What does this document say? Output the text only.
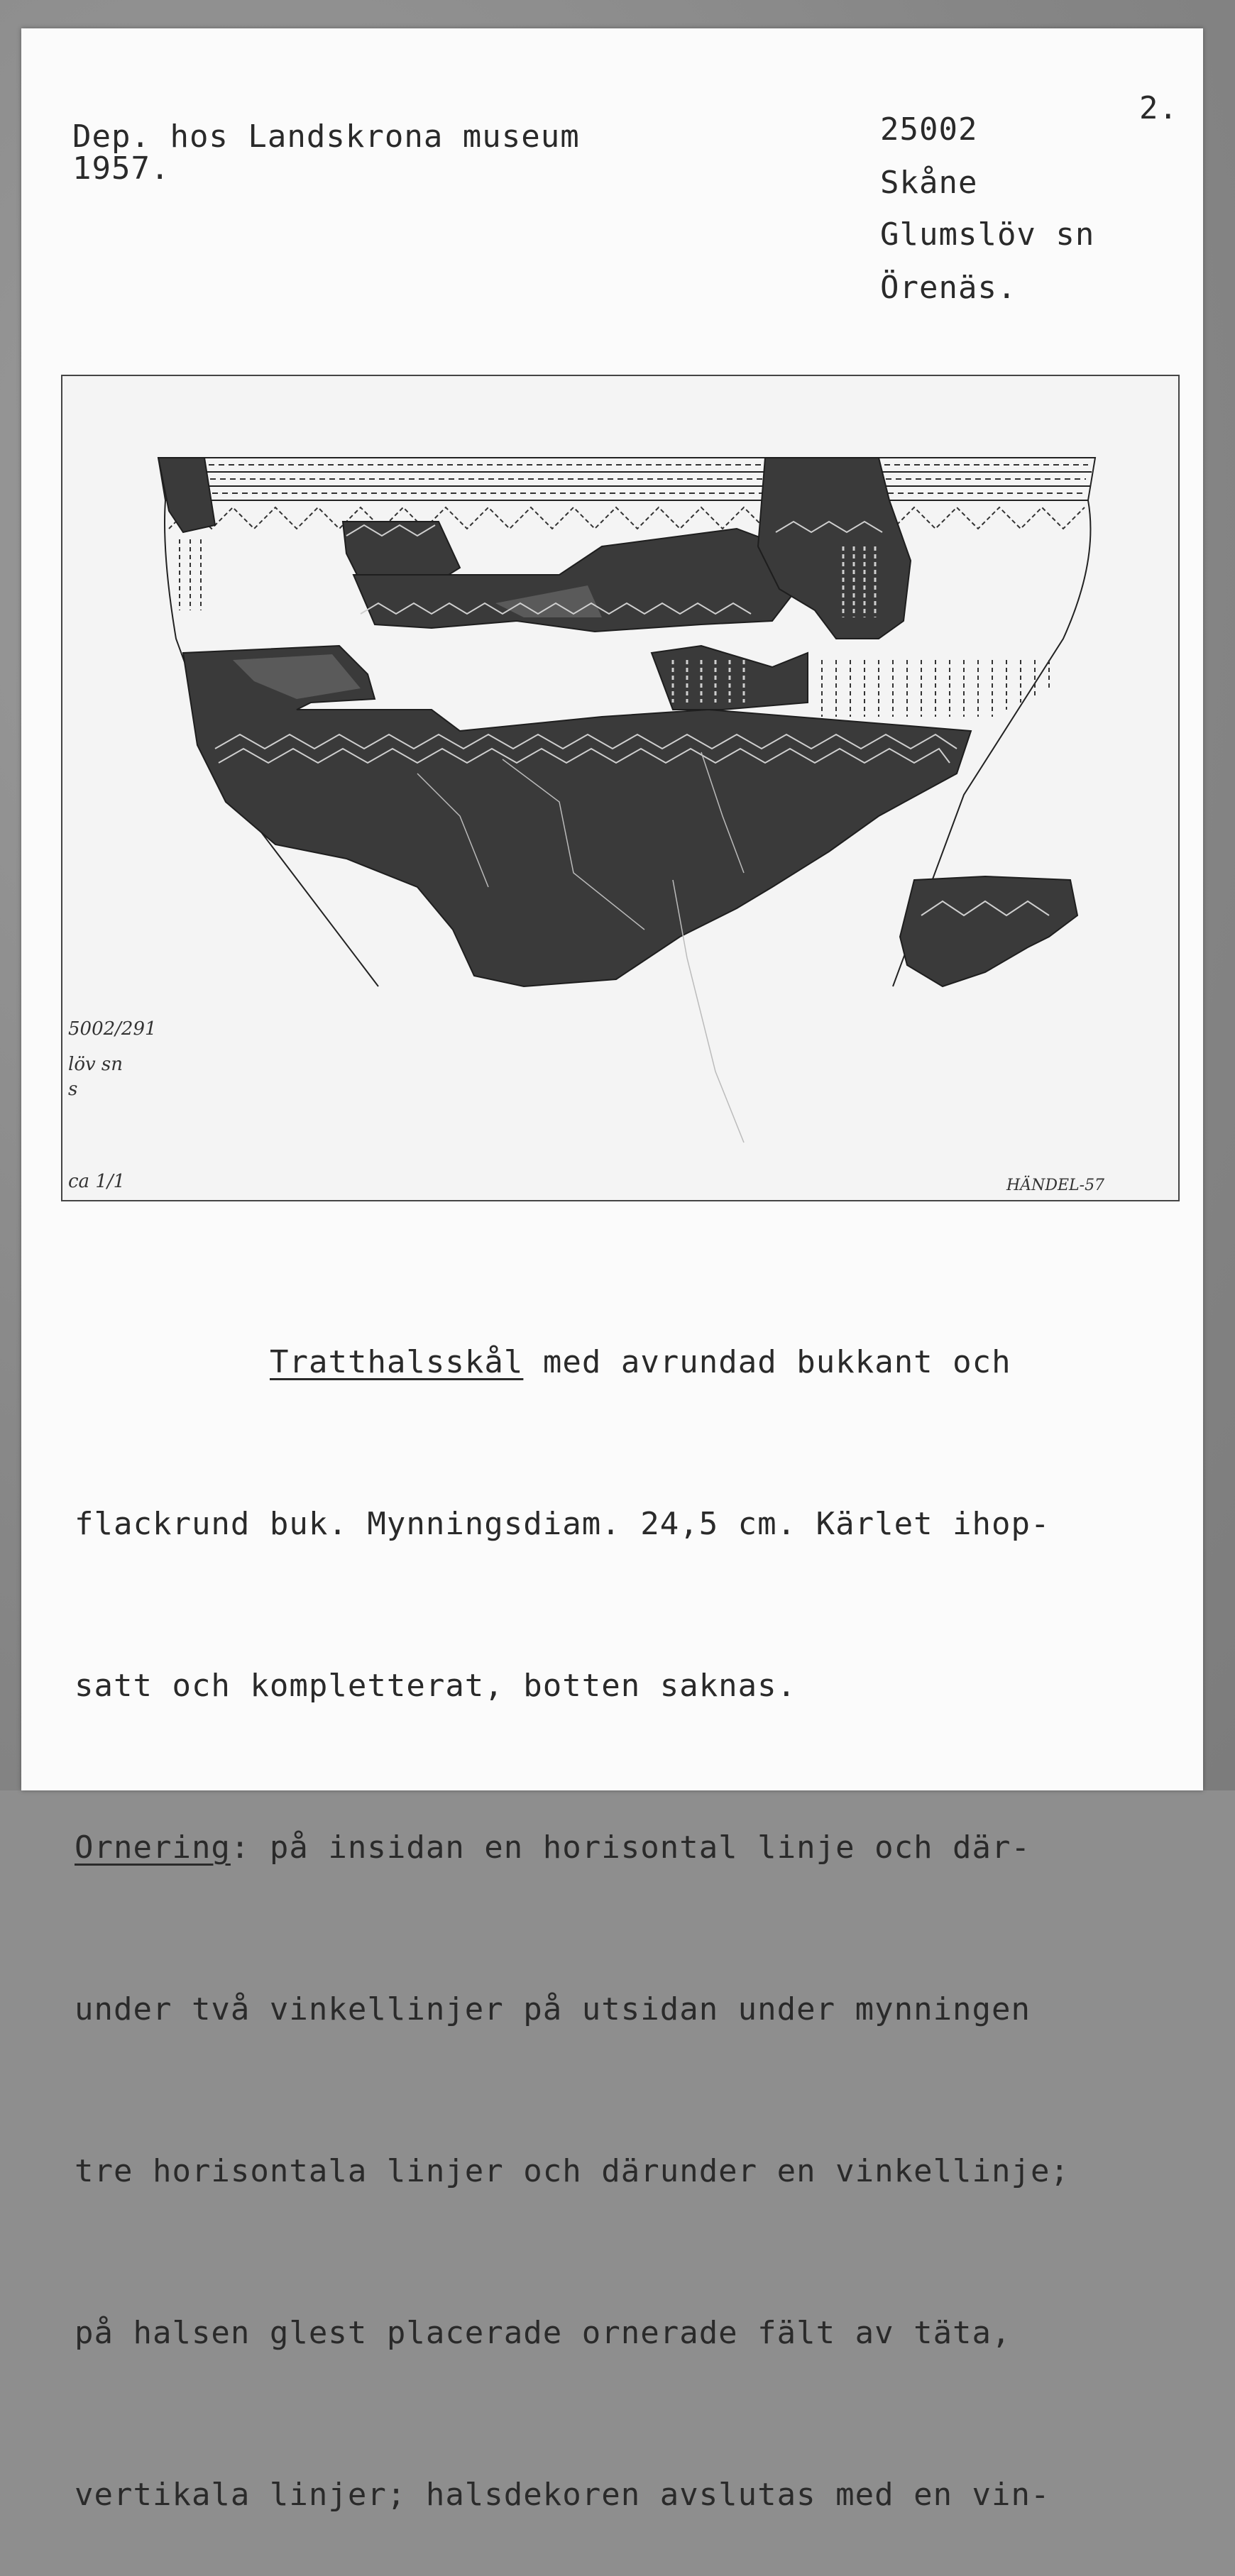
Dep. hos Landskrona museum
1957.
2.
25002
Skåne
Glumslöv sn
Örenäs.
5002/291
löv sn
s
ca 1/1	HÄNDEL-57

Tratthalsskål med avrundad bukkant och

flackrund buk. Mynningsdiam. 24,5 cm. Kärlet ihop-

satt och kompletterat, botten saknas.

Ornering: på insidan en horisontal linje och där-

under två vinkellinjer på utsidan under mynningen

tre horisontala linjer och därunder en vinkellinje;

på halsen glest placerade ornerade fält av täta,

vertikala linjer; halsdekoren avslutas med en vin-
